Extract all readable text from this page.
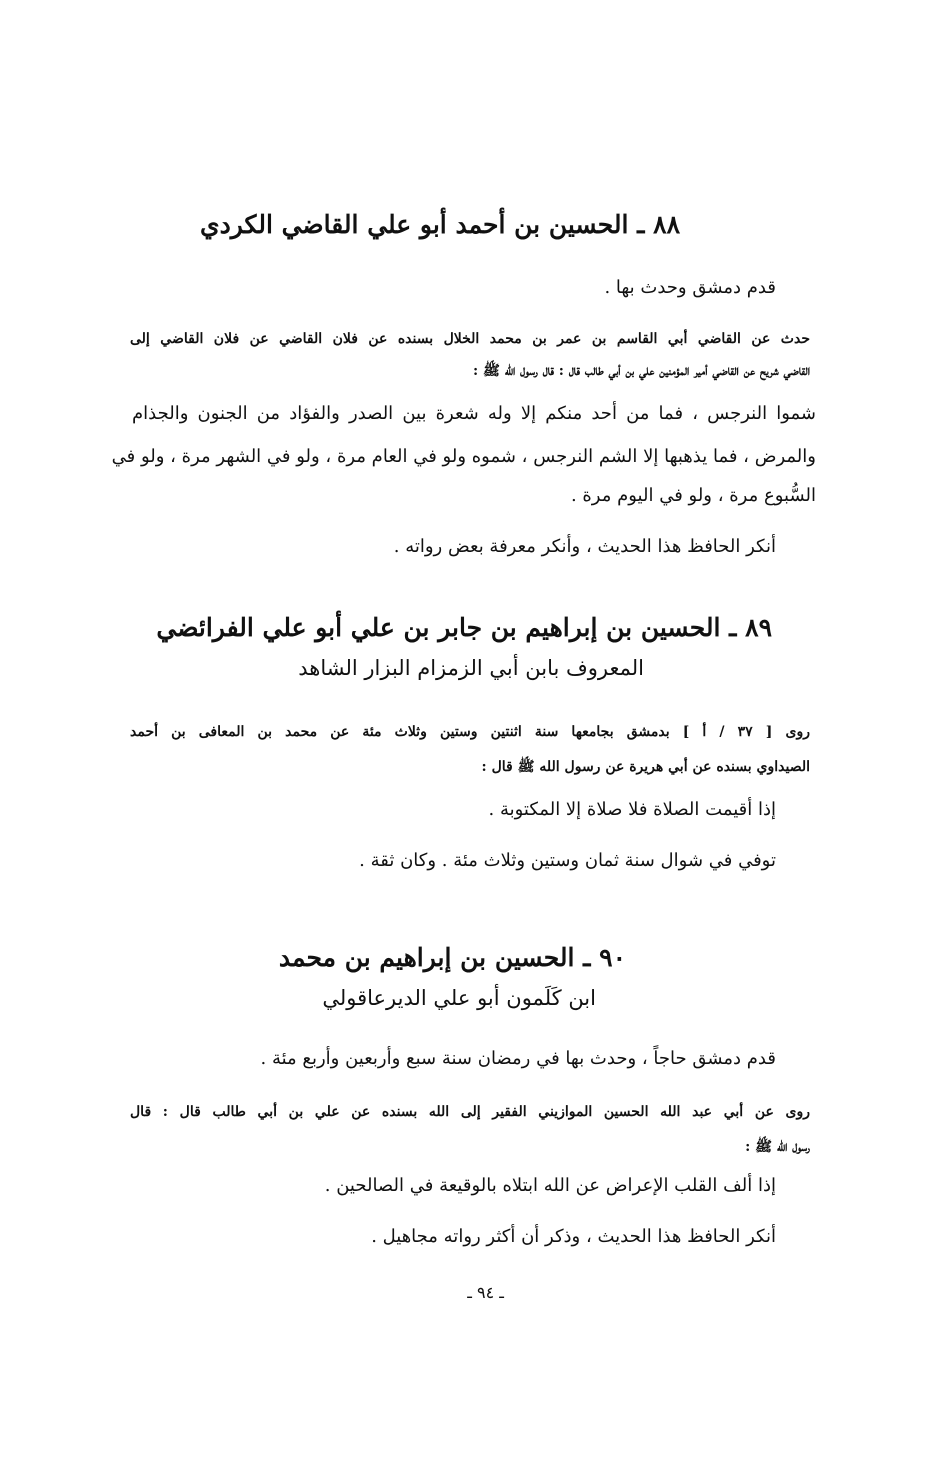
٨٨ ـ الحسين بن أحمد أبو علي القاضي الكردي
قدم دمشق وحدث بها .
حدث عن القاضي أبي القاسم بن عمر بن محمد الخلال بسنده عن فلان القاضي عن فلان القاضي إلى
القاضي شريح عن القاضي أمير المؤمنين علي بن أبي طالب قال : قال رسول الله ﷺ :
شموا النرجس ، فما من أحد منكم إلا وله شعرة بين الصدر والفؤاد من الجنون والجذام
والمرض ، فما يذهبها إلا الشم النرجس ، شموه ولو في العام مرة ، ولو في الشهر مرة ، ولو في
السُّبوع مرة ، ولو في اليوم مرة .
أنكر الحافظ هذا الحديث ، وأنكر معرفة بعض رواته .
٨٩ ـ الحسين بن إبراهيم بن جابر بن علي أبو علي الفرائضي
المعروف بابن أبي الزمزام البزار الشاهد
روى [ ٣٧ / أ ] بدمشق بجامعها سنة اثنتين وستين وثلاث مئة عن محمد بن المعافى بن أحمد
الصيداوي بسنده عن أبي هريرة عن رسول الله ﷺ قال :
إذا أقيمت الصلاة فلا صلاة إلا المكتوبة .
توفي في شوال سنة ثمان وستين وثلاث مئة . وكان ثقة .
٩٠ ـ الحسين بن إبراهيم بن محمد
ابن كَلَمون أبو علي الديرعاقولي
قدم دمشق حاجاً ، وحدث بها في رمضان سنة سبع وأربعين وأربع مئة .
روى عن أبي عبد الله الحسين الموازيني الفقير إلى الله بسنده عن علي بن أبي طالب قال : قال
رسول الله ﷺ :
إذا ألف القلب الإعراض عن الله ابتلاه بالوقيعة في الصالحين .
أنكر الحافظ هذا الحديث ، وذكر أن أكثر رواته مجاهيل .
ـ ٩٤ ـ
